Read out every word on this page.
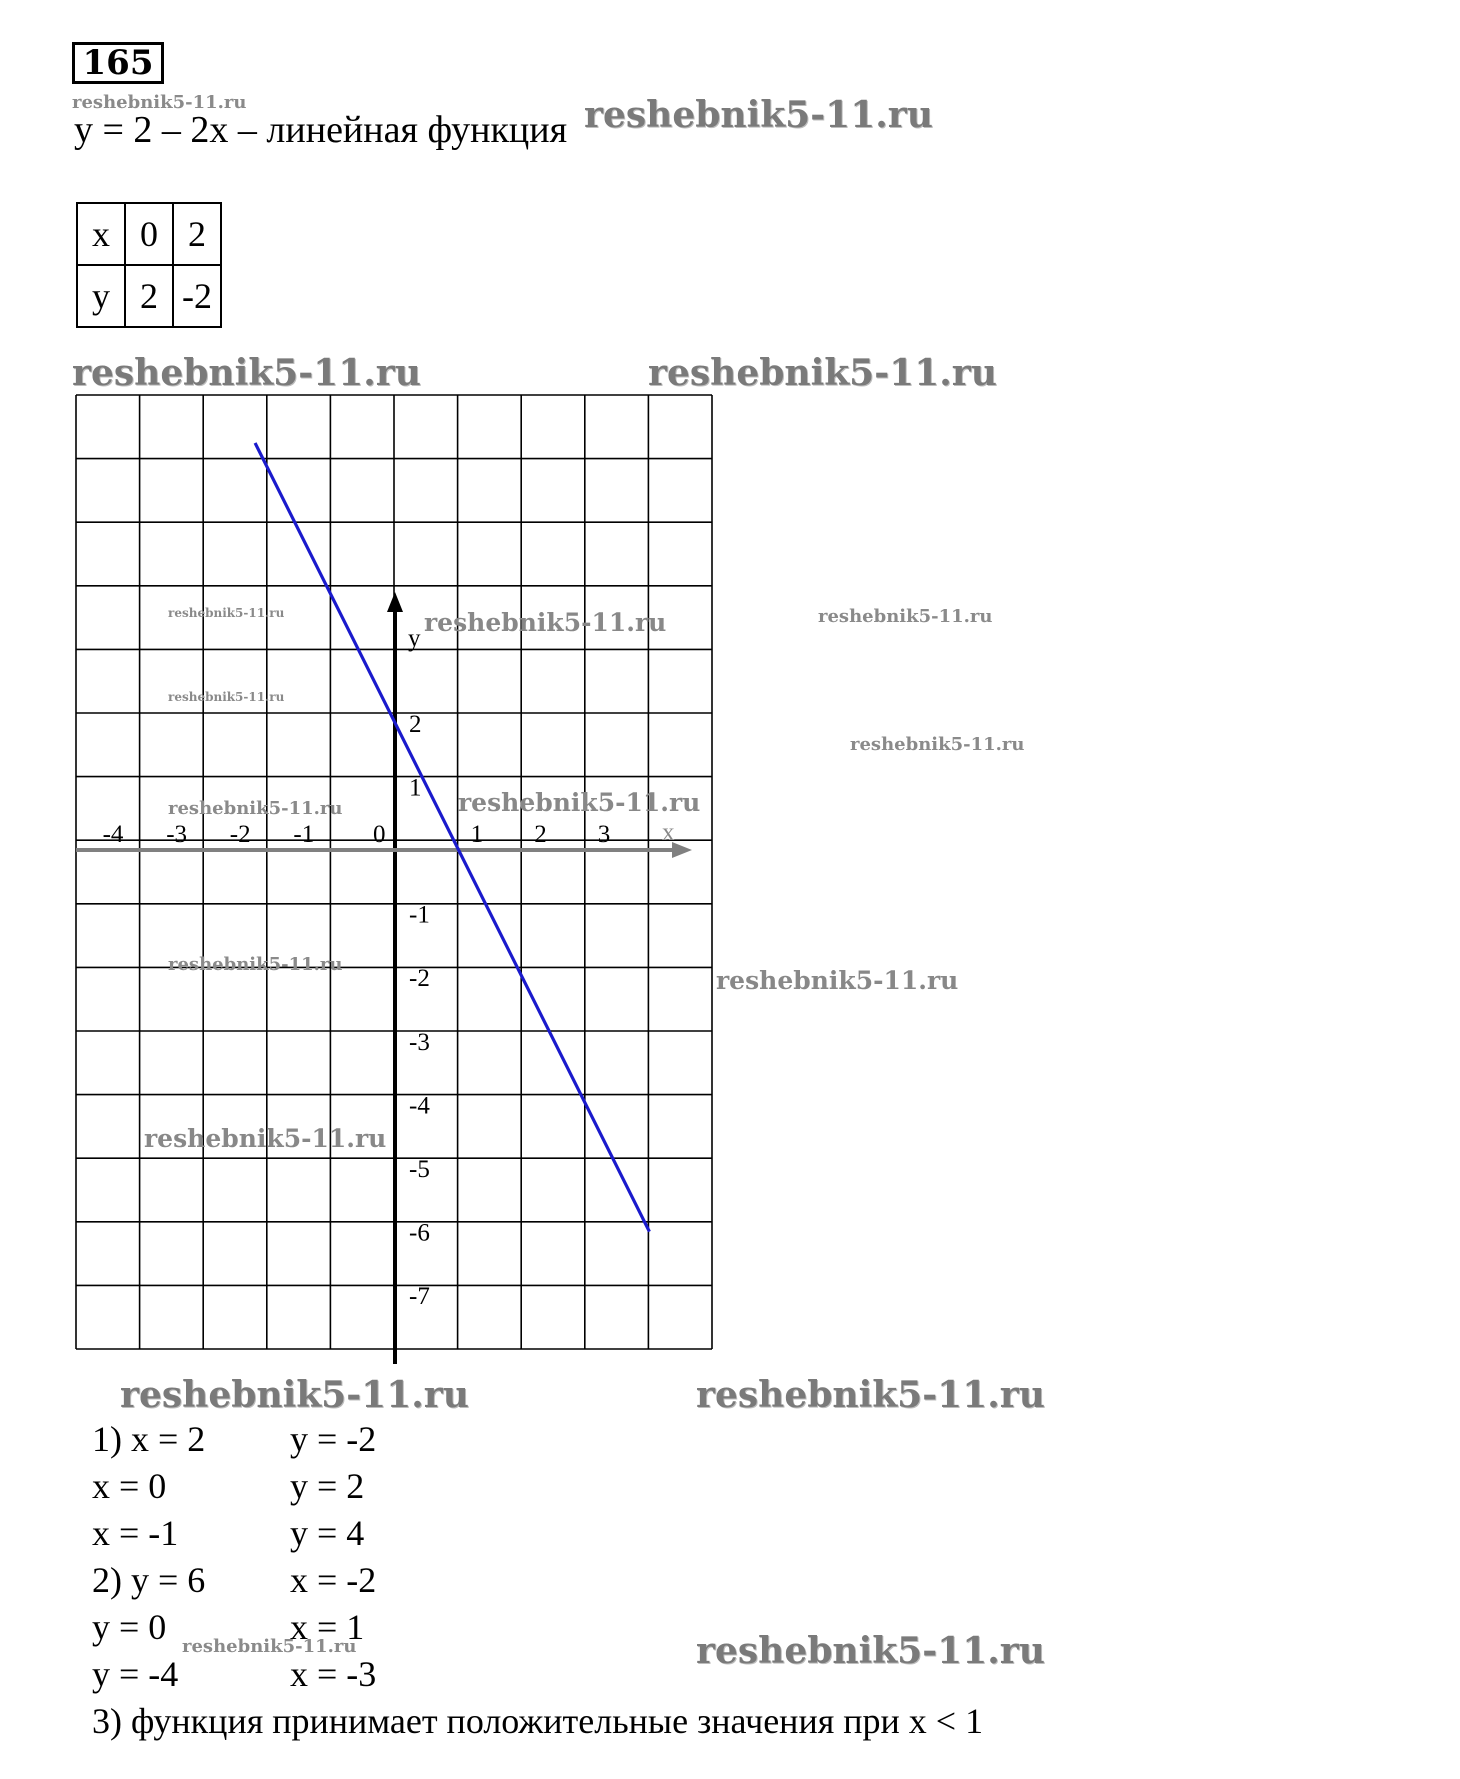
165
reshebnik5-11.ru	reshebnik5-11.ru
reshebnik5-11.ru	reshebnik5-11.ru
y = 2 – 2x – линейная функция
x	0	2
y	2	-2
-4 -3 -2 -1 0	1 2 3
2
1
-1
-2
-3
-4
-5
-6
-7
y
x
reshebnik5-11.ru	reshebnik5-11.ru	reshebnik5-11.ru
reshebnik5-11.ru
reshebnik5-11.ru
reshebnik5-11.ru	reshebnik5-11.ru
reshebnik5-11.ru
reshebnik5-11.ru
reshebnik5-11.ru
reshebnik5-11.ru	reshebnik5-11.ru
reshebnik5-11.ru	reshebnik5-11.ru
1) x = 2 y = -2
x = 0	y = 2
x = -1	y = 4
2) y = 6 x = -2
y = 0	x = 1
y = -4	x = -3
3) функция принимает положительные значения при x < 1
